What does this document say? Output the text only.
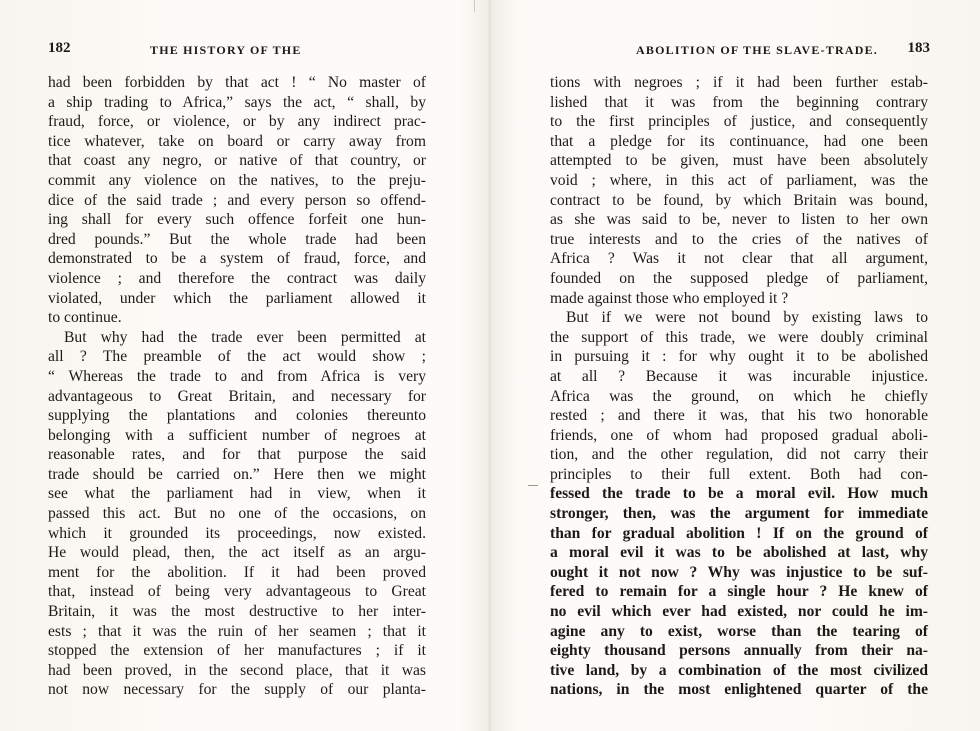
182	THE HISTORY OF THE
had been forbidden by that act ! “ No master of
a ship trading to Africa,” says the act, “ shall, by
fraud, force, or violence, or by any indirect prac-
tice whatever, take on board or carry away from
that coast any negro, or native of that country, or
commit any violence on the natives, to the preju-
dice of the said trade ; and every person so offend-
ing shall for every such offence forfeit one hun-
dred pounds.” But the whole trade had been
demonstrated to be a system of fraud, force, and
violence ; and therefore the contract was daily
violated, under which the parliament allowed it
to continue.
But why had the trade ever been permitted at
all ? The preamble of the act would show ;
“ Whereas the trade to and from Africa is very
advantageous to Great Britain, and necessary for
supplying the plantations and colonies thereunto
belonging with a sufficient number of negroes at
reasonable rates, and for that purpose the said
trade should be carried on.” Here then we might
see what the parliament had in view, when it
passed this act. But no one of the occasions, on
which it grounded its proceedings, now existed.
He would plead, then, the act itself as an argu-
ment for the abolition. If it had been proved
that, instead of being very advantageous to Great
Britain, it was the most destructive to her inter-
ests ; that it was the ruin of her seamen ; that it
stopped the extension of her manufactures ; if it
had been proved, in the second place, that it was
not now necessary for the supply of our planta-
ABOLITION OF THE SLAVE-TRADE. 183
tions with negroes ; if it had been further estab-
lished that it was from the beginning contrary
to the first principles of justice, and consequently
that a pledge for its continuance, had one been
attempted to be given, must have been absolutely
void ; where, in this act of parliament, was the
contract to be found, by which Britain was bound,
as she was said to be, never to listen to her own
true interests and to the cries of the natives of
Africa ? Was it not clear that all argument,
founded on the supposed pledge of parliament,
made against those who employed it ?
But if we were not bound by existing laws to
the support of this trade, we were doubly criminal
in pursuing it : for why ought it to be abolished
at all ? Because it was incurable injustice.
Africa was the ground, on which he chiefly
rested ; and there it was, that his two honorable
friends, one of whom had proposed gradual aboli-
tion, and the other regulation, did not carry their
principles to their full extent. Both had con-
fessed the trade to be a moral evil. How much
stronger, then, was the argument for immediate
than for gradual abolition ! If on the ground of
a moral evil it was to be abolished at last, why
ought it not now ? Why was injustice to be suf-
fered to remain for a single hour ? He knew of
no evil which ever had existed, nor could he im-
agine any to exist, worse than the tearing of
eighty thousand persons annually from their na-
tive land, by a combination of the most civilized
nations, in the most enlightened quarter of the
